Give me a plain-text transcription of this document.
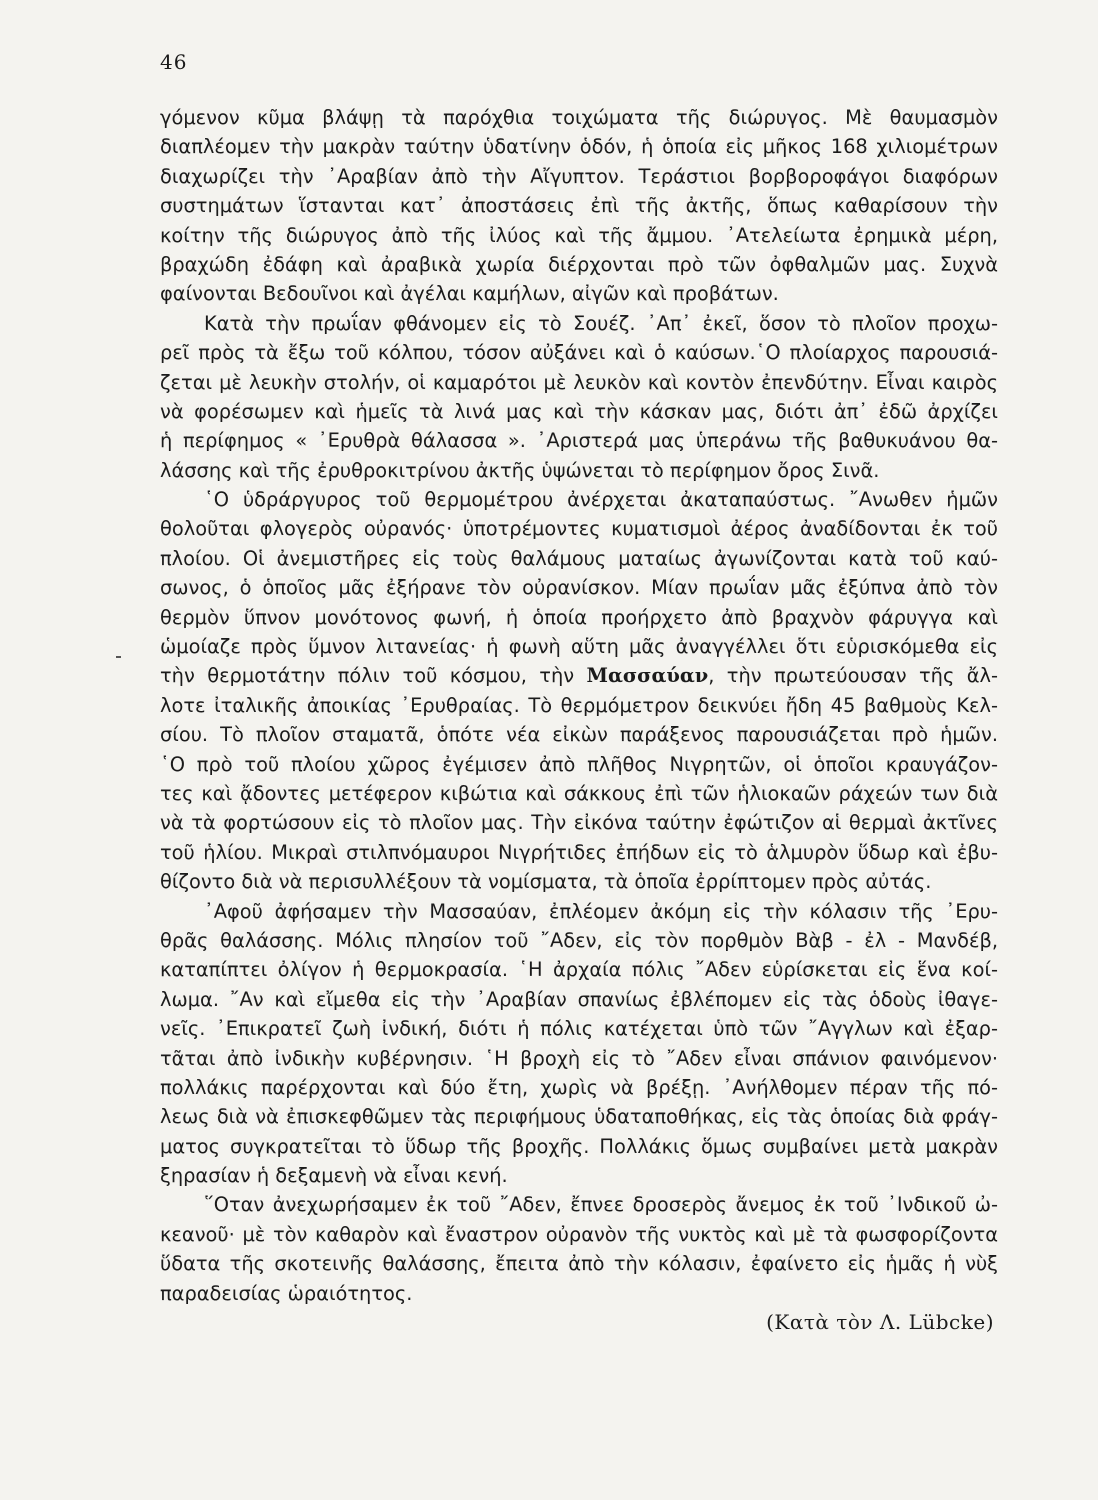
46
γόμενον κῦμα βλάψῃ τὰ παρόχθια τοιχώματα τῆς διώρυγος. Μὲ θαυμασμὸν
διαπλέομεν τὴν μακρὰν ταύτην ὑδατίνην ὁδόν, ἡ ὁποία εἰς μῆκος 168 χιλιομέτρων
διαχωρίζει τὴν ᾿Αραβίαν ἀπὸ τὴν Αἴγυπτον. Τεράστιοι βορβοροφάγοι διαφόρων
συστημάτων ἵστανται κατ᾿ ἀποστάσεις ἐπὶ τῆς ἀκτῆς, ὅπως καθαρίσουν τὴν
κοίτην τῆς διώρυγος ἀπὸ τῆς ἰλύος καὶ τῆς ἄμμου. ᾿Ατελείωτα ἐρημικὰ μέρη,
βραχώδη ἐδάφη καὶ ἀραβικὰ χωρία διέρχονται πρὸ τῶν ὀφθαλμῶν μας. Συχνὰ
φαίνονται Βεδουῖνοι καὶ ἀγέλαι καμήλων, αἰγῶν καὶ προβάτων.
Κατὰ τὴν πρωΐαν φθάνομεν εἰς τὸ Σουέζ. ᾿Απ᾿ ἐκεῖ, ὅσον τὸ πλοῖον προχω-
ρεῖ πρὸς τὰ ἔξω τοῦ κόλπου, τόσον αὐξάνει καὶ ὁ καύσων.῾Ο πλοίαρχος παρουσιά-
ζεται μὲ λευκὴν στολήν, οἱ καμαρότοι μὲ λευκὸν καὶ κοντὸν ἐπενδύτην. Εἶναι καιρὸς
νὰ φορέσωμεν καὶ ἡμεῖς τὰ λινά μας καὶ τὴν κάσκαν μας, διότι ἀπ᾿ ἐδῶ ἀρχίζει
ἡ περίφημος « ᾿Ερυθρὰ θάλασσα ». ᾿Αριστερά μας ὑπεράνω τῆς βαθυκυάνου θα-
λάσσης καὶ τῆς ἐρυθροκιτρίνου ἀκτῆς ὑψώνεται τὸ περίφημον ὄρος Σινᾶ.
῾Ο ὑδράργυρος τοῦ θερμομέτρου ἀνέρχεται ἀκαταπαύστως. ῎Ανωθεν ἡμῶν
θολοῦται φλογερὸς οὐρανός· ὑποτρέμοντες κυματισμοὶ ἀέρος ἀναδίδονται ἐκ τοῦ
πλοίου. Οἱ ἀνεμιστῆρες εἰς τοὺς θαλάμους ματαίως ἀγωνίζονται κατὰ τοῦ καύ-
σωνος, ὁ ὁποῖος μᾶς ἐξήρανε τὸν οὐρανίσκον. Μίαν πρωΐαν μᾶς ἐξύπνα ἀπὸ τὸν
θερμὸν ὕπνον μονότονος φωνή, ἡ ὁποία προήρχετο ἀπὸ βραχνὸν φάρυγγα καὶ
ὡμοίαζε πρὸς ὕμνον λιτανείας· ἡ φωνὴ αὕτη μᾶς ἀναγγέλλει ὅτι εὑρισκόμεθα εἰς
τὴν θερμοτάτην πόλιν τοῦ κόσμου, τὴν Μασσαύαν, τὴν πρωτεύουσαν τῆς ἄλ-
λοτε ἰταλικῆς ἀποικίας ᾿Ερυθραίας. Τὸ θερμόμετρον δεικνύει ἤδη 45 βαθμοὺς Κελ-
σίου. Τὸ πλοῖον σταματᾶ, ὁπότε νέα εἰκὼν παράξενος παρουσιάζεται πρὸ ἡμῶν.
῾Ο πρὸ τοῦ πλοίου χῶρος ἐγέμισεν ἀπὸ πλῆθος Νιγρητῶν, οἱ ὁποῖοι κραυγάζον-
τες καὶ ᾄδοντες μετέφερον κιβώτια καὶ σάκκους ἐπὶ τῶν ἡλιοκαῶν ράχεών των διὰ
νὰ τὰ φορτώσουν εἰς τὸ πλοῖον μας. Τὴν εἰκόνα ταύτην ἐφώτιζον αἱ θερμαὶ ἀκτῖνες
τοῦ ἡλίου. Μικραὶ στιλπνόμαυροι Νιγρήτιδες ἐπήδων εἰς τὸ ἁλμυρὸν ὕδωρ καὶ ἐβυ-
θίζοντο διὰ νὰ περισυλλέξουν τὰ νομίσματα, τὰ ὁποῖα ἐρρίπτομεν πρὸς αὐτάς.
᾿Αφοῦ ἀφήσαμεν τὴν Μασσαύαν, ἐπλέομεν ἀκόμη εἰς τὴν κόλασιν τῆς ᾿Ερυ-
θρᾶς θαλάσσης. Μόλις πλησίον τοῦ ῎Αδεν, εἰς τὸν πορθμὸν Βὰβ - ἐλ - Μανδέβ,
καταπίπτει ὀλίγον ἡ θερμοκρασία. ῾Η ἀρχαία πόλις ῎Αδεν εὑρίσκεται εἰς ἕνα κοί-
λωμα. ῎Αν καὶ εἴμεθα εἰς τὴν ᾿Αραβίαν σπανίως ἐβλέπομεν εἰς τὰς ὁδοὺς ἰθαγε-
νεῖς. ᾿Επικρατεῖ ζωὴ ἰνδική, διότι ἡ πόλις κατέχεται ὑπὸ τῶν ῎Αγγλων καὶ ἐξαρ-
τᾶται ἀπὸ ἰνδικὴν κυβέρνησιν. ῾Η βροχὴ εἰς τὸ ῎Αδεν εἶναι σπάνιον φαινόμενον·
πολλάκις παρέρχονται καὶ δύο ἔτη, χωρὶς νὰ βρέξῃ. ᾿Ανήλθομεν πέραν τῆς πό-
λεως διὰ νὰ ἐπισκεφθῶμεν τὰς περιφήμους ὑδαταποθήκας, εἰς τὰς ὁποίας διὰ φράγ-
ματος συγκρατεῖται τὸ ὕδωρ τῆς βροχῆς. Πολλάκις ὅμως συμβαίνει μετὰ μακρὰν
ξηρασίαν ἡ δεξαμενὴ νὰ εἶναι κενή.
῞Οταν ἀνεχωρήσαμεν ἐκ τοῦ ῎Αδεν, ἔπνεε δροσερὸς ἄνεμος ἐκ τοῦ ᾿Ινδικοῦ ὠ-
κεανοῦ· μὲ τὸν καθαρὸν καὶ ἔναστρον οὐρανὸν τῆς νυκτὸς καὶ μὲ τὰ φωσφορίζοντα
ὕδατα τῆς σκοτεινῆς θαλάσσης, ἔπειτα ἀπὸ τὴν κόλασιν, ἐφαίνετο εἰς ἡμᾶς ἡ νὺξ
παραδεισίας ὡραιότητος.
(Κατὰ τὸν Λ. Lübcke)
